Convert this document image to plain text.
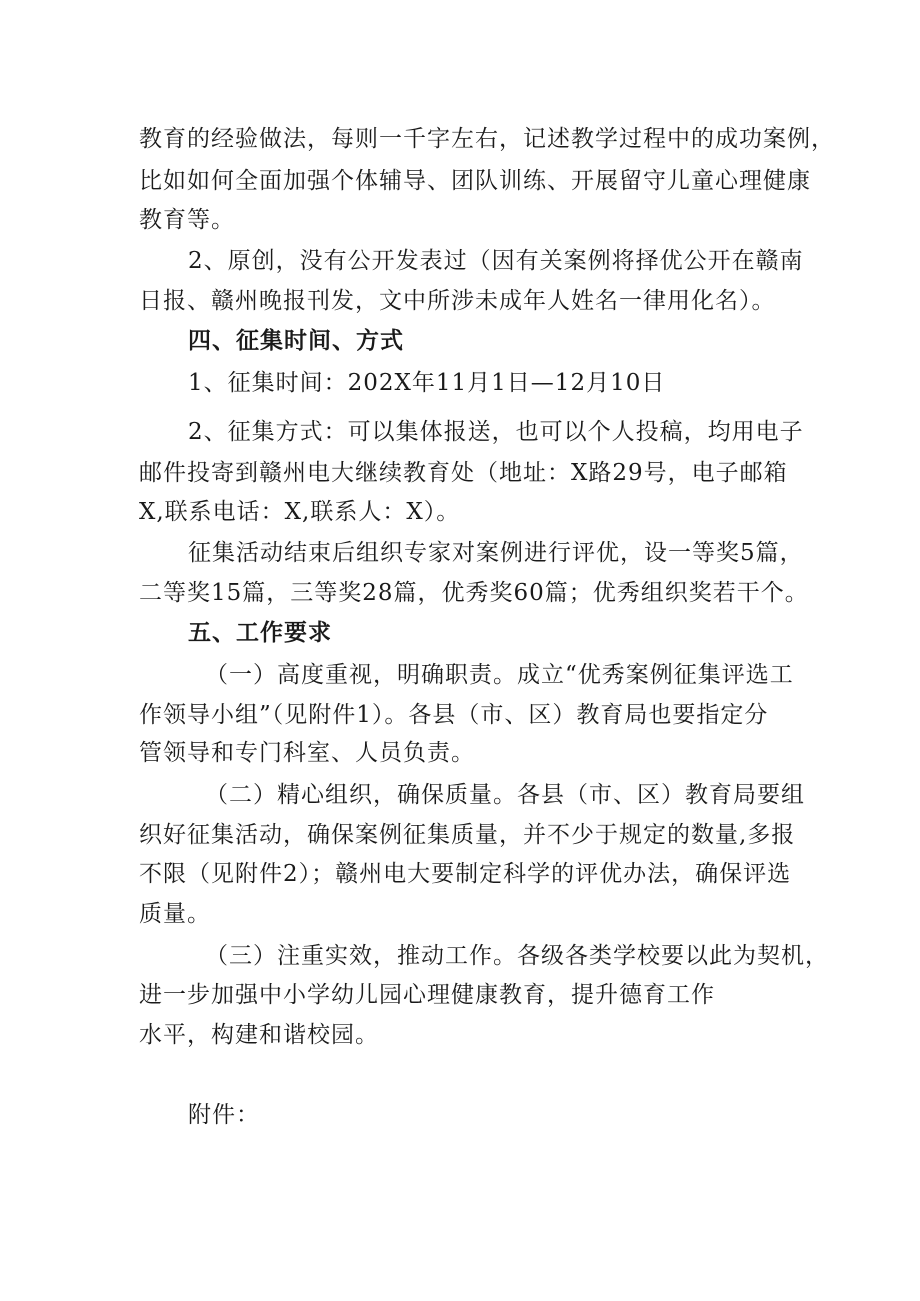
教育的经验做法，每则一千字左右，记述教学过程中的成功案例，
比如如何全面加强个体辅导、团队训练、开展留守儿童心理健康
教育等。
2、原创，没有公开发表过（因有关案例将择优公开在赣南
日报、赣州晚报刊发，文中所涉未成年人姓名一律用化名）。
四、征集时间、方式
1、征集时间：202X年11月1日—12月10日
2、征集方式：可以集体报送，也可以个人投稿，均用电子
邮件投寄到赣州电大继续教育处（地址：X路29号，电子邮箱
X,联系电话：X,联系人：X）。
征集活动结束后组织专家对案例进行评优，设一等奖5篇，
二等奖15篇，三等奖28篇，优秀奖60篇；优秀组织奖若干个。
五、工作要求
（一）高度重视，明确职责。成立“优秀案例征集评选工
作领导小组”（见附件1）。各县（市、区）教育局也要指定分
管领导和专门科室、人员负责。
（二）精心组织，确保质量。各县（市、区）教育局要组
织好征集活动，确保案例征集质量，并不少于规定的数量,多报
不限（见附件2）；赣州电大要制定科学的评优办法，确保评选
质量。
（三）注重实效，推动工作。各级各类学校要以此为契机，
进一步加强中小学幼儿园心理健康教育，提升德育工作
水平，构建和谐校园。
附件：
